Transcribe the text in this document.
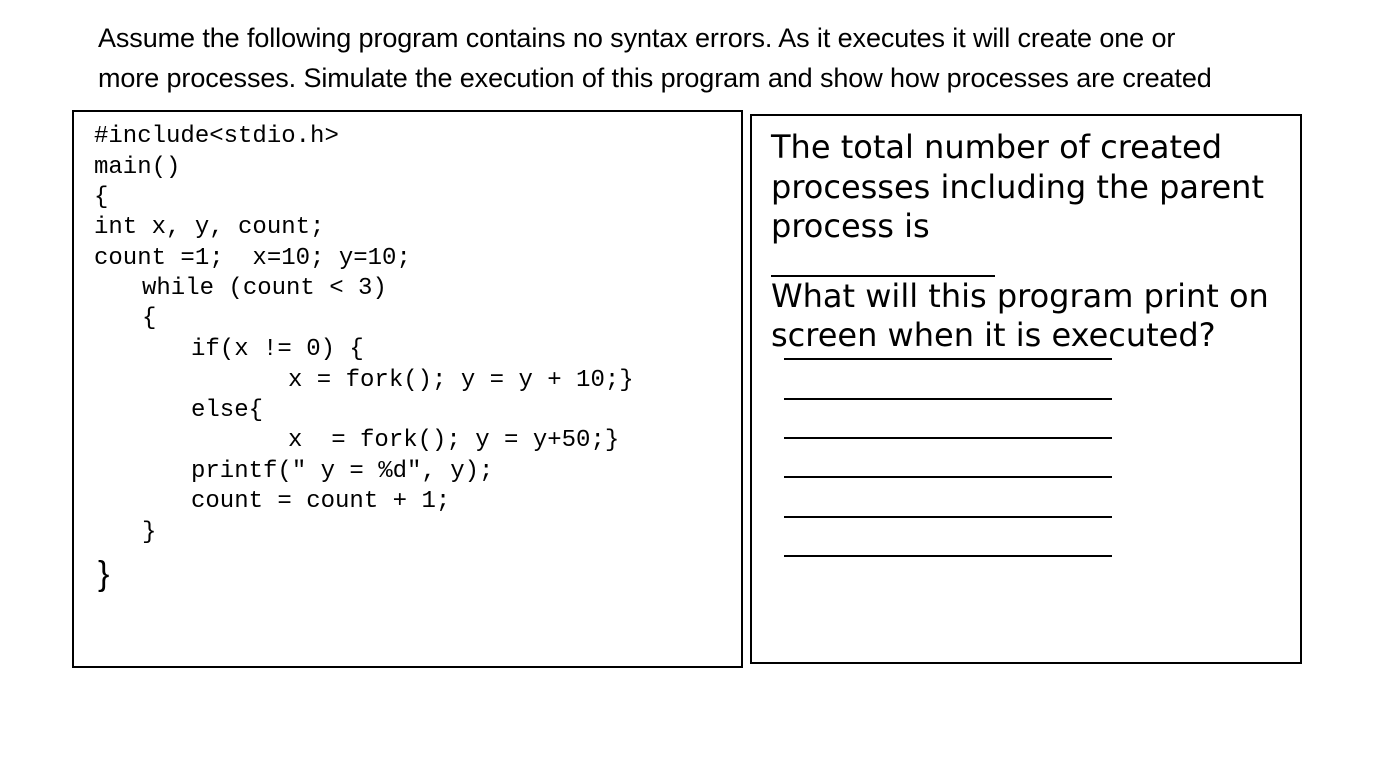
Assume the following program contains no syntax errors. As it executes it will create one or
more processes. Simulate the execution of this program and show how processes are created
#include<stdio.h>
main()
{
int x, y, count;
count =1;  x=10; y=10;
while (count < 3)
{
if(x != 0) {
x = fork(); y = y + 10;}
else{
x  = fork(); y = y+50;}
printf(" y = %d", y);
count = count + 1;
}
}
The total number of created
processes including the parent
process is
What will this program print on
screen when it is executed?
